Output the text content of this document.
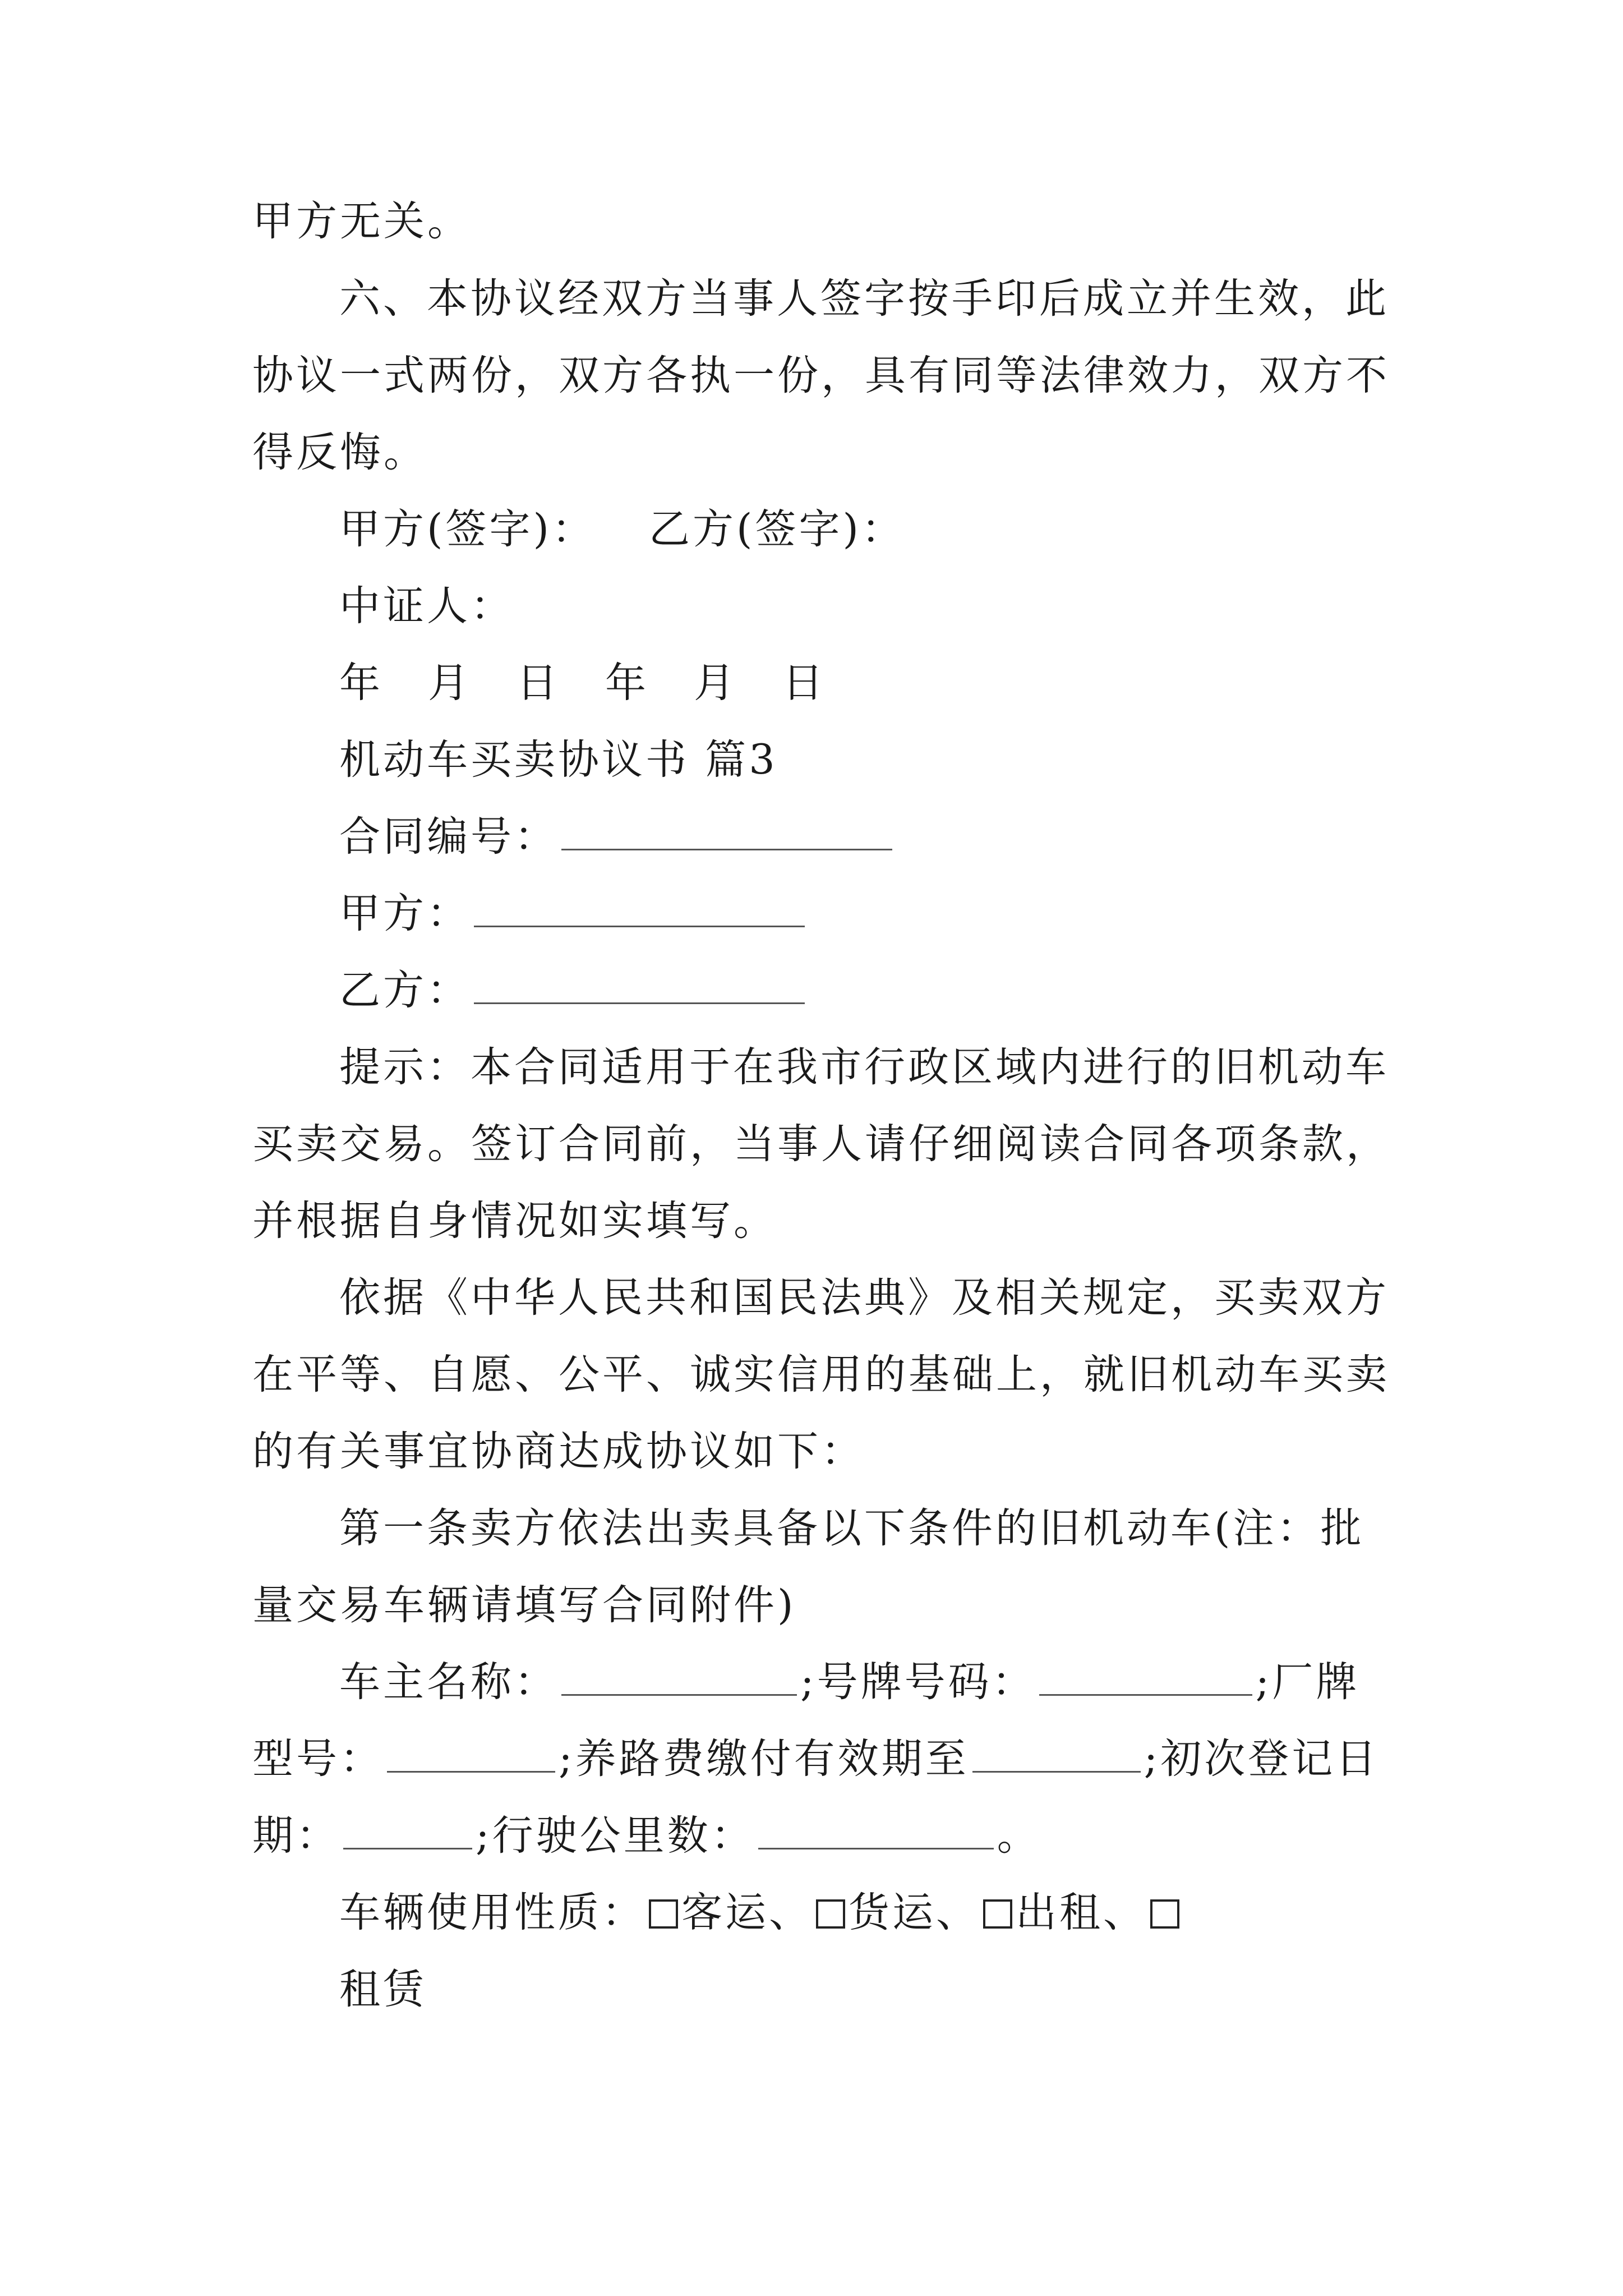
甲方无关。
六、本协议经双方当事人签字按手印后成立并生效，此
协议一式两份，双方各执一份，具有同等法律效力，双方不
得反悔。
甲方(签字)： 乙方(签字)：
中证人：
年 月 日 年 月 日
机动车买卖协议书 篇3
合同编号：
甲方：
乙方：
提示：本合同适用于在我市行政区域内进行的旧机动车
买卖交易。签订合同前，当事人请仔细阅读合同各项条款，
并根据自身情况如实填写。
依据《中华人民共和国民法典》及相关规定，买卖双方
在平等、自愿、公平、诚实信用的基础上，就旧机动车买卖
的有关事宜协商达成协议如下：
第一条卖方依法出卖具备以下条件的旧机动车(注：批
量交易车辆请填写合同附件)
车主名称：	;号牌号码：	;厂牌
型号：	;养路费缴付有效期至	;初次登记日
期：	;行驶公里数：	。
车辆使用性质： 客运、 货运、 出租、
租赁
